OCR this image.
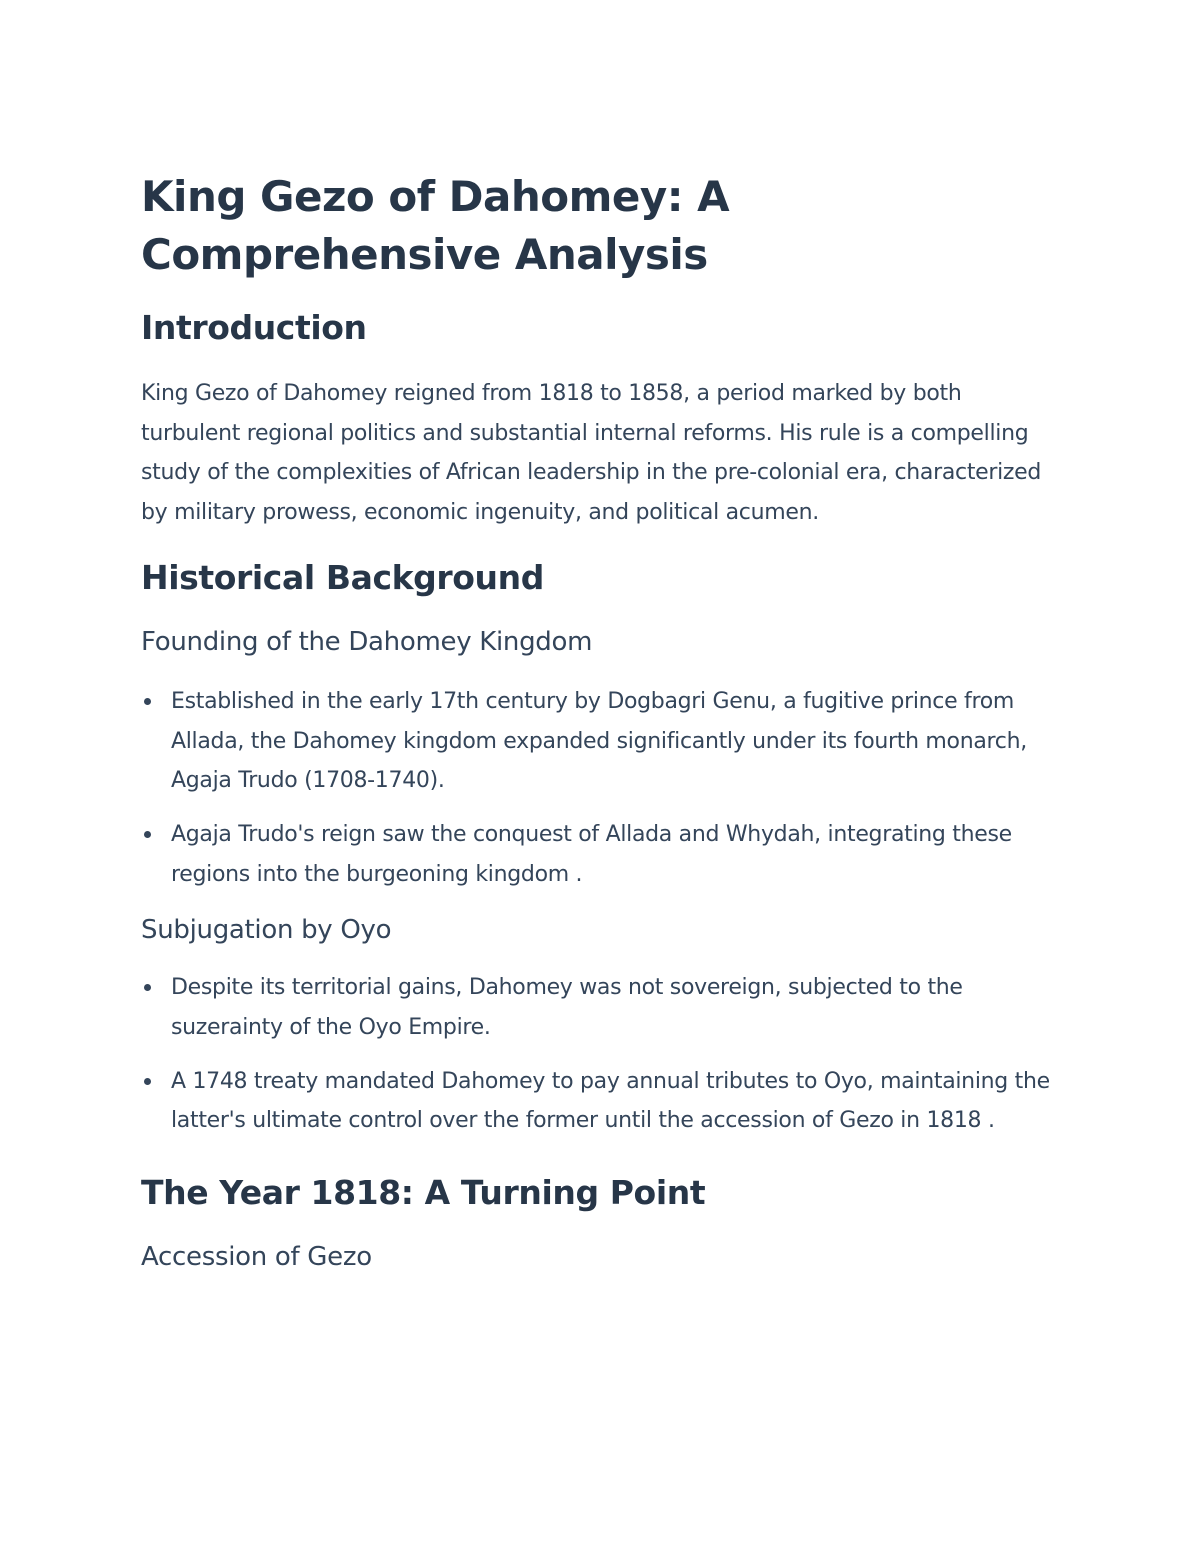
King Gezo of Dahomey: A Comprehensive Analysis
Introduction

King Gezo of Dahomey reigned from 1818 to 1858, a period marked by both turbulent regional politics and substantial internal reforms. His rule is a compelling study of the complexities of African leadership in the pre-colonial era, characterized by military prowess, economic ingenuity, and political acumen.

Historical Background
Founding of the Dahomey Kingdom
Established in the early 17th century by Dogbagri Genu, a fugitive prince from Allada, the Dahomey kingdom expanded significantly under its fourth monarch, Agaja Trudo (1708-1740).
Agaja Trudo's reign saw the conquest of Allada and Whydah, integrating these regions into the burgeoning kingdom .
Subjugation by Oyo
Despite its territorial gains, Dahomey was not sovereign, subjected to the suzerainty of the Oyo Empire.
A 1748 treaty mandated Dahomey to pay annual tributes to Oyo, maintaining the latter's ultimate control over the former until the accession of Gezo in 1818 .
The Year 1818: A Turning Point
Accession of Gezo
